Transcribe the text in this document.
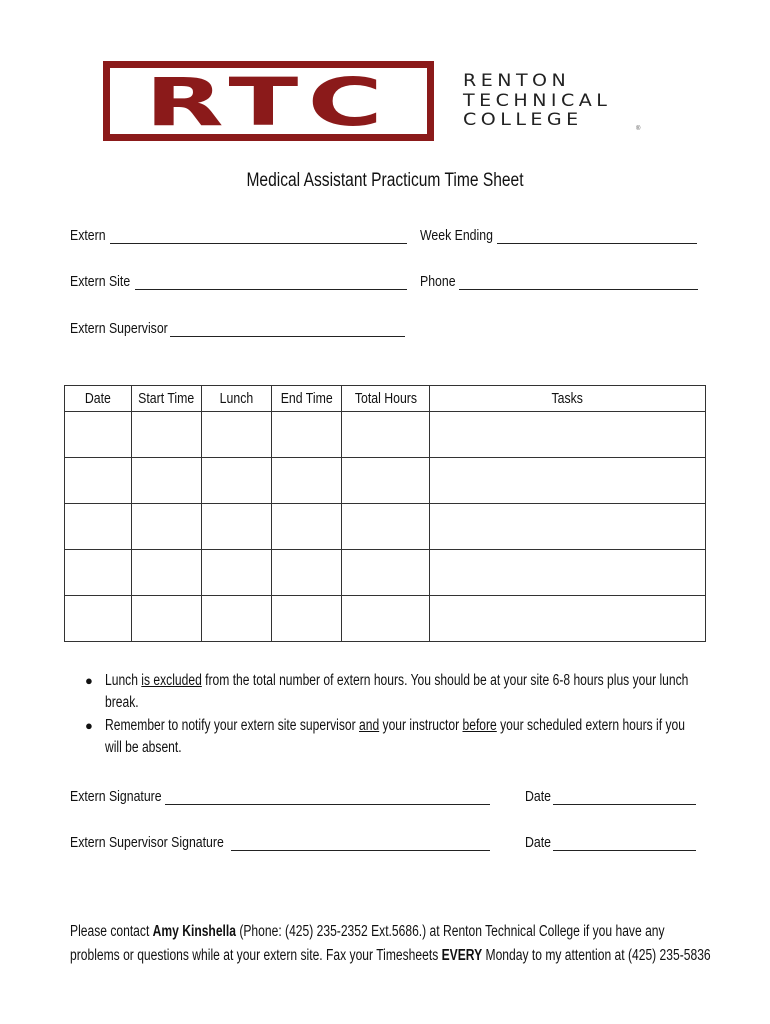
RTC	RENTON
TECHNICAL
COLLEGE	®
Medical Assistant Practicum Time Sheet
Extern	Week Ending
Extern Site	Phone
Extern Supervisor
Date	Start Time	Lunch	End Time	Total Hours	Tasks

● Lunch is excluded from the total number of extern hours. You should be at your site 6-8 hours plus your lunch break.
● Remember to notify your extern site supervisor and your instructor before your scheduled extern hours if you will be absent.
Extern Signature	Date
Extern Supervisor Signature	Date
Please contact Amy Kinshella (Phone: (425) 235-2352 Ext.5686.) at Renton Technical College if you have any problems or questions while at your extern site. Fax your Timesheets EVERY Monday to my attention at (425) 235-5836
